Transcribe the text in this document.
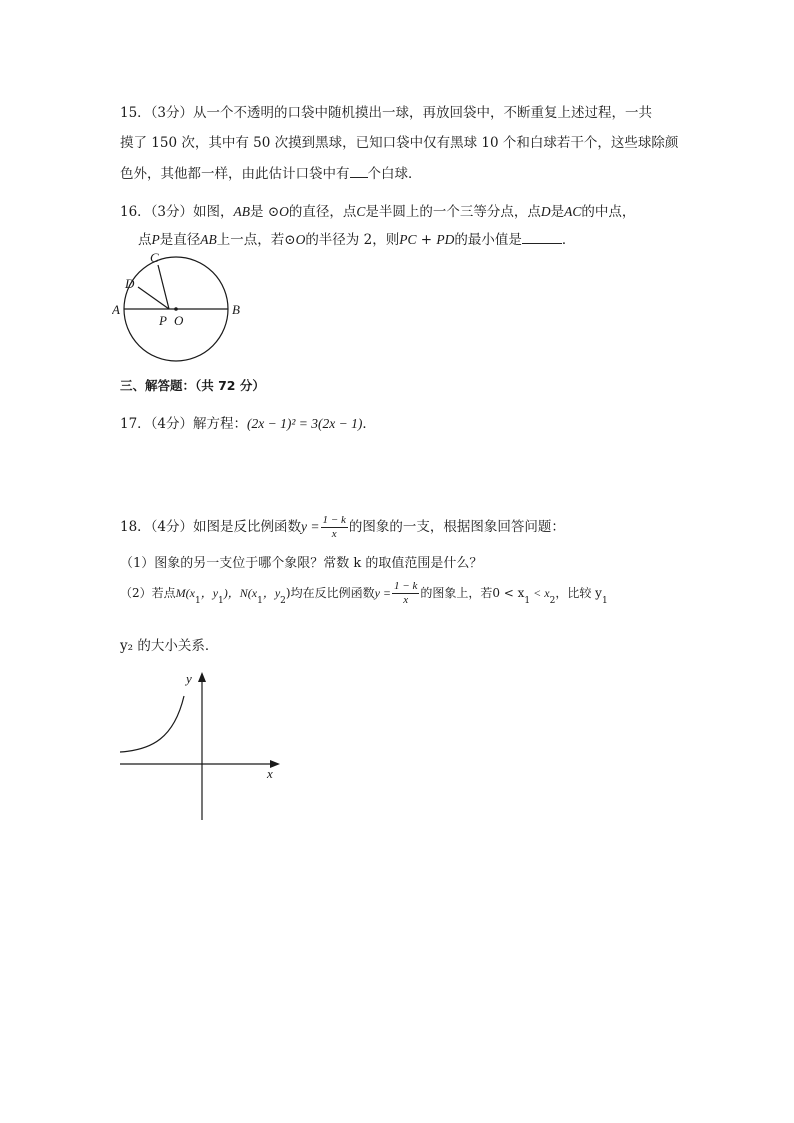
15．（3分）从一个不透明的口袋中随机摸出一球，再放回袋中，不断重复上述过程，一共
摸了 150 次，其中有 50 次摸到黑球，已知口袋中仅有黑球 10 个和白球若干个，这些球除颜
色外，其他都一样，由此估计口袋中有 个白球．
16．（3分）如图，AB是 ⊙O的直径，点C是半圆上的一个三等分点，点D是AC的中点，
点P是直径AB上一点，若⊙O的半径为 2，则PC + PD的最小值是	．
A	B
C
D
P O
三、解答题：（共 72 分）
17．（4分）解方程：(2x − 1)² = 3(2x − 1)．
18．（4分）如图是反比例函数$y = \frac{1 - k}{x}$ 的图象的一支，根据图象回答问题：
（1）图象的另一支位于哪个象限？常数 k 的取值范围是什么？
（2）若点$M(x_1$，$y_1$)，$N(x_1$，$y_2$)均在反比例函数$y = \frac{1 - k}{x}$ 的图象上，若$0 < x_1 < x_2$，比较 $y_1$
y₂ 的大小关系．
y
x
